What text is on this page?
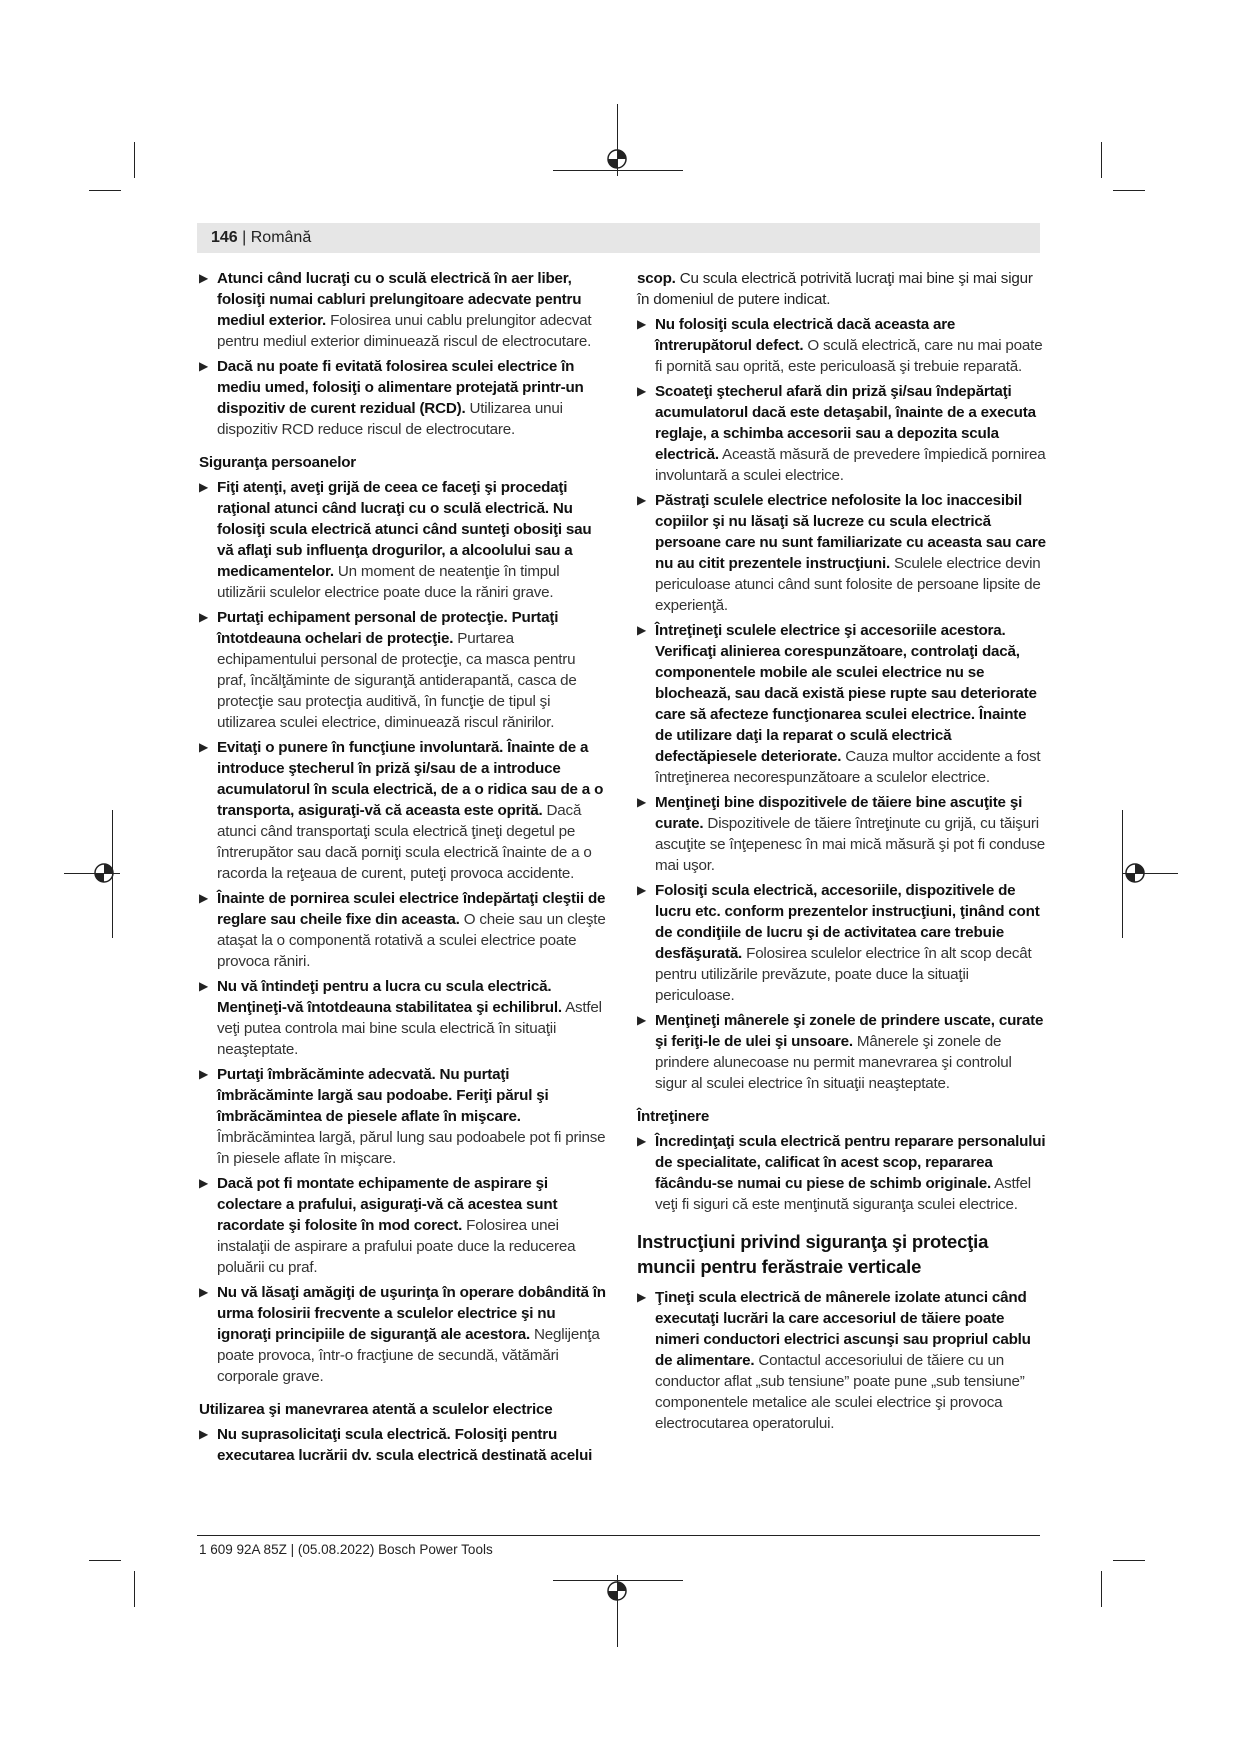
146 | Română
▶ Atunci când lucraţi cu o sculă electrică în aer liber, folosiţi numai cabluri prelungitoare adecvate pentru mediul exterior. Folosirea unui cablu prelungitor adecvat pentru mediul exterior diminuează riscul de electrocutare.
▶ Dacă nu poate fi evitată folosirea sculei electrice în mediu umed, folosiţi o alimentare protejată printr-un dispozitiv de curent rezidual (RCD). Utilizarea unui dispozitiv RCD reduce riscul de electrocutare.
Siguranţa persoanelor
▶ Fiţi atenţi, aveţi grijă de ceea ce faceţi şi procedaţi raţional atunci când lucraţi cu o sculă electrică. Nu folosiţi scula electrică atunci când sunteţi obosiţi sau vă aflaţi sub influenţa drogurilor, a alcoolului sau a medicamentelor. Un moment de neatenţie în timpul utilizării sculelor electrice poate duce la răniri grave.
▶ Purtaţi echipament personal de protecţie. Purtaţi întotdeauna ochelari de protecţie. Purtarea echipamentului personal de protecţie, ca masca pentru praf, încălţăminte de siguranţă antiderapantă, casca de protecţie sau protecţia auditivă, în funcţie de tipul şi utilizarea sculei electrice, diminuează riscul rănirilor.
▶ Evitaţi o punere în funcţiune involuntară. Înainte de a introduce ştecherul în priză şi/sau de a introduce acumulatorul în scula electrică, de a o ridica sau de a o transporta, asiguraţi-vă că aceasta este oprită. Dacă atunci când transportaţi scula electrică ţineţi degetul pe întrerupător sau dacă porniţi scula electrică înainte de a o racorda la reţeaua de curent, puteţi provoca accidente.
▶ Înainte de pornirea sculei electrice îndepărtaţi cleştii de reglare sau cheile fixe din aceasta. O cheie sau un cleşte ataşat la o componentă rotativă a sculei electrice poate provoca răniri.
▶ Nu vă întindeţi pentru a lucra cu scula electrică. Menţineţi-vă întotdeauna stabilitatea şi echilibrul. Astfel veţi putea controla mai bine scula electrică în situaţii neaşteptate.
▶ Purtaţi îmbrăcăminte adecvată. Nu purtaţi îmbrăcăminte largă sau podoabe. Feriţi părul şi îmbrăcămintea de piesele aflate în mişcare. Îmbrăcămintea largă, părul lung sau podoabele pot fi prinse în piesele aflate în mişcare.
▶ Dacă pot fi montate echipamente de aspirare şi colectare a prafului, asiguraţi-vă că acestea sunt racordate şi folosite în mod corect. Folosirea unei instalaţii de aspirare a prafului poate duce la reducerea poluării cu praf.
▶ Nu vă lăsaţi amăgiţi de uşurinţa în operare dobândită în urma folosirii frecvente a sculelor electrice şi nu ignoraţi principiile de siguranţă ale acestora. Neglijenţa poate provoca, într-o fracţiune de secundă, vătămări corporale grave.
Utilizarea şi manevrarea atentă a sculelor electrice
▶ Nu suprasolicitaţi scula electrică. Folosiţi pentru executarea lucrării dv. scula electrică destinată acelui
scop. Cu scula electrică potrivită lucraţi mai bine şi mai sigur în domeniul de putere indicat.
▶ Nu folosiţi scula electrică dacă aceasta are întrerupătorul defect. O sculă electrică, care nu mai poate fi pornită sau oprită, este periculoasă şi trebuie reparată.
▶ Scoateţi ştecherul afară din priză şi/sau îndepărtaţi acumulatorul dacă este detaşabil, înainte de a executa reglaje, a schimba accesorii sau a depozita scula electrică. Această măsură de prevedere împiedică pornirea involuntară a sculei electrice.
▶ Păstraţi sculele electrice nefolosite la loc inaccesibil copiilor şi nu lăsaţi să lucreze cu scula electrică persoane care nu sunt familiarizate cu aceasta sau care nu au citit prezentele instrucţiuni. Sculele electrice devin periculoase atunci când sunt folosite de persoane lipsite de experienţă.
▶ Întreţineţi sculele electrice şi accesoriile acestora. Verificaţi alinierea corespunzătoare, controlaţi dacă, componentele mobile ale sculei electrice nu se blochează, sau dacă există piese rupte sau deteriorate care să afecteze funcţionarea sculei electrice. Înainte de utilizare daţi la reparat o sculă electrică defectăpiesele deteriorate. Cauza multor accidente a fost întreţinerea necorespunzătoare a sculelor electrice.
▶ Menţineţi bine dispozitivele de tăiere bine ascuţite şi curate. Dispozitivele de tăiere întreţinute cu grijă, cu tăişuri ascuţite se înţepenesc în mai mică măsură şi pot fi conduse mai uşor.
▶ Folosiţi scula electrică, accesoriile, dispozitivele de lucru etc. conform prezentelor instrucţiuni, ţinând cont de condiţiile de lucru şi de activitatea care trebuie desfăşurată. Folosirea sculelor electrice în alt scop decât pentru utilizările prevăzute, poate duce la situaţii periculoase.
▶ Menţineţi mânerele şi zonele de prindere uscate, curate şi feriţi-le de ulei şi unsoare. Mânerele şi zonele de prindere alunecoase nu permit manevrarea şi controlul sigur al sculei electrice în situaţii neaşteptate.
Întreţinere
▶ Încredinţaţi scula electrică pentru reparare personalului de specialitate, calificat în acest scop, repararea făcându-se numai cu piese de schimb originale. Astfel veţi fi siguri că este menţinută siguranţa sculei electrice.
Instrucţiuni privind siguranţa şi protecţia muncii pentru ferăstraie verticale
▶ Ţineţi scula electrică de mânerele izolate atunci când executaţi lucrări la care accesoriul de tăiere poate nimeri conductori electrici ascunşi sau propriul cablu de alimentare. Contactul accesoriului de tăiere cu un conductor aflat „sub tensiune” poate pune „sub tensiune” componentele metalice ale sculei electrice şi provoca electrocutarea operatorului.
1 609 92A 85Z | (05.08.2022) Bosch Power Tools
